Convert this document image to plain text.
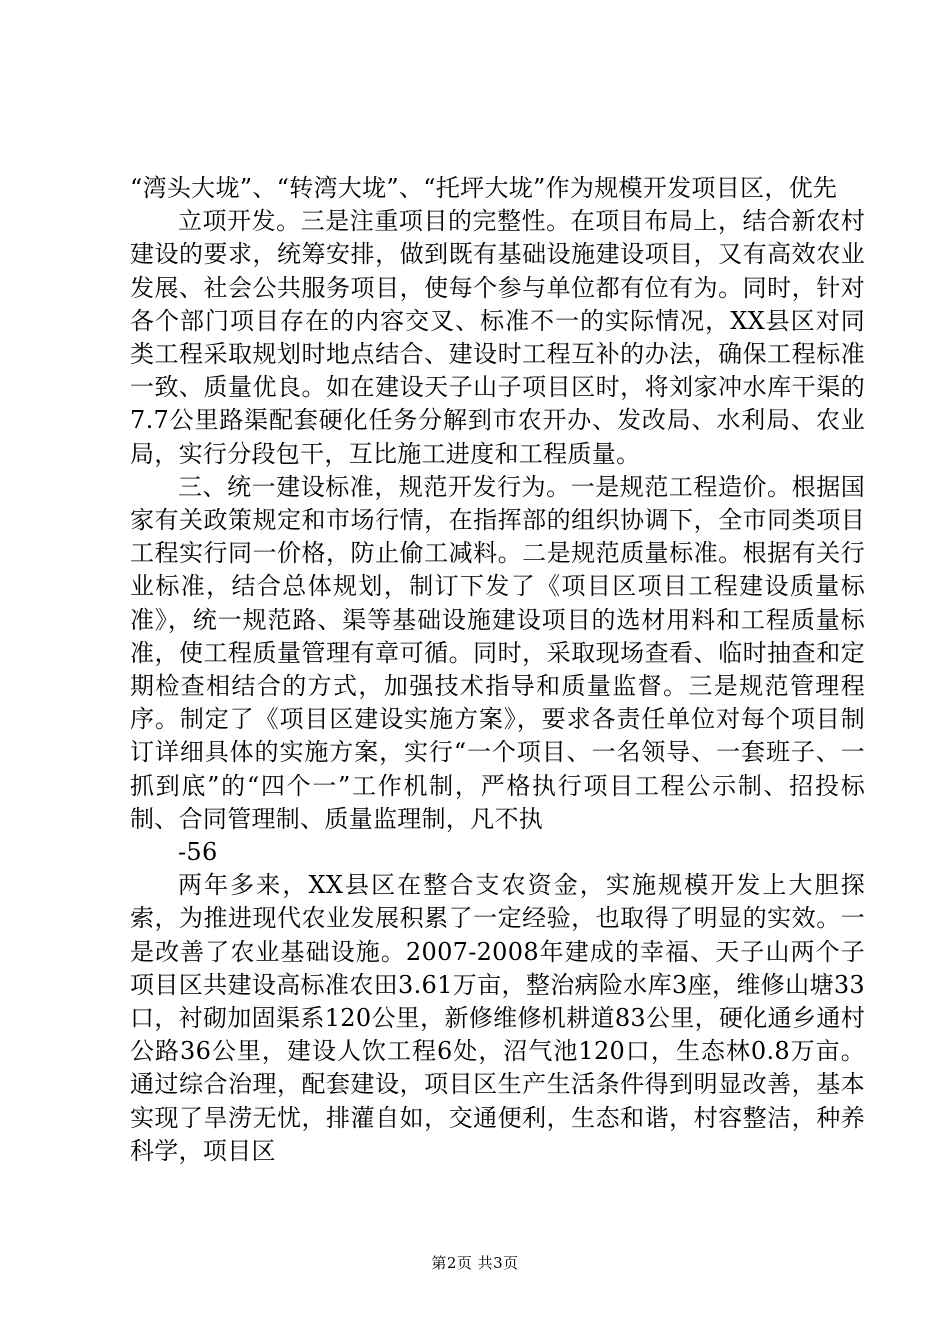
“湾头大垅”、“转湾大垅”、“托坪大垅”作为规模开发项目区，优先

立项开发。三是注重项目的完整性。在项目布局上，结合新农村建设的要求，统筹安排，做到既有基础设施建设项目，又有高效农业发展、社会公共服务项目，使每个参与单位都有位有为。同时，针对各个部门项目存在的内容交叉、标准不一的实际情况，XX县区对同类工程采取规划时地点结合、建设时工程互补的办法，确保工程标准一致、质量优良。如在建设天子山子项目区时，将刘家冲水库干渠的7.7公里路渠配套硬化任务分解到市农开办、发改局、水利局、农业局，实行分段包干，互比施工进度和工程质量。

三、统一建设标准，规范开发行为。一是规范工程造价。根据国家有关政策规定和市场行情，在指挥部的组织协调下，全市同类项目工程实行同一价格，防止偷工减料。二是规范质量标准。根据有关行业标准，结合总体规划，制订下发了《项目区项目工程建设质量标准》，统一规范路、渠等基础设施建设项目的选材用料和工程质量标准，使工程质量管理有章可循。同时，采取现场查看、临时抽查和定期检查相结合的方式，加强技术指导和质量监督。三是规范管理程序。制定了《项目区建设实施方案》，要求各责任单位对每个项目制订详细具体的实施方案，实行“一个项目、一名领导、一套班子、一抓到底”的“四个一”工作机制，严格执行项目工程公示制、招投标制、合同管理制、质量监理制，凡不执

-56

两年多来，XX县区在整合支农资金，实施规模开发上大胆探索，为推进现代农业发展积累了一定经验，也取得了明显的实效。一是改善了农业基础设施。2007-2008年建成的幸福、天子山两个子项目区共建设高标准农田3.61万亩，整治病险水库3座，维修山塘33口，衬砌加固渠系120公里，新修维修机耕道83公里，硬化通乡通村公路36公里，建设人饮工程6处，沼气池120口，生态林0.8万亩。通过综合治理，配套建设，项目区生产生活条件得到明显改善，基本实现了旱涝无忧，排灌自如，交通便利，生态和谐，村容整洁，种养科学，项目区

第2页 共3页
